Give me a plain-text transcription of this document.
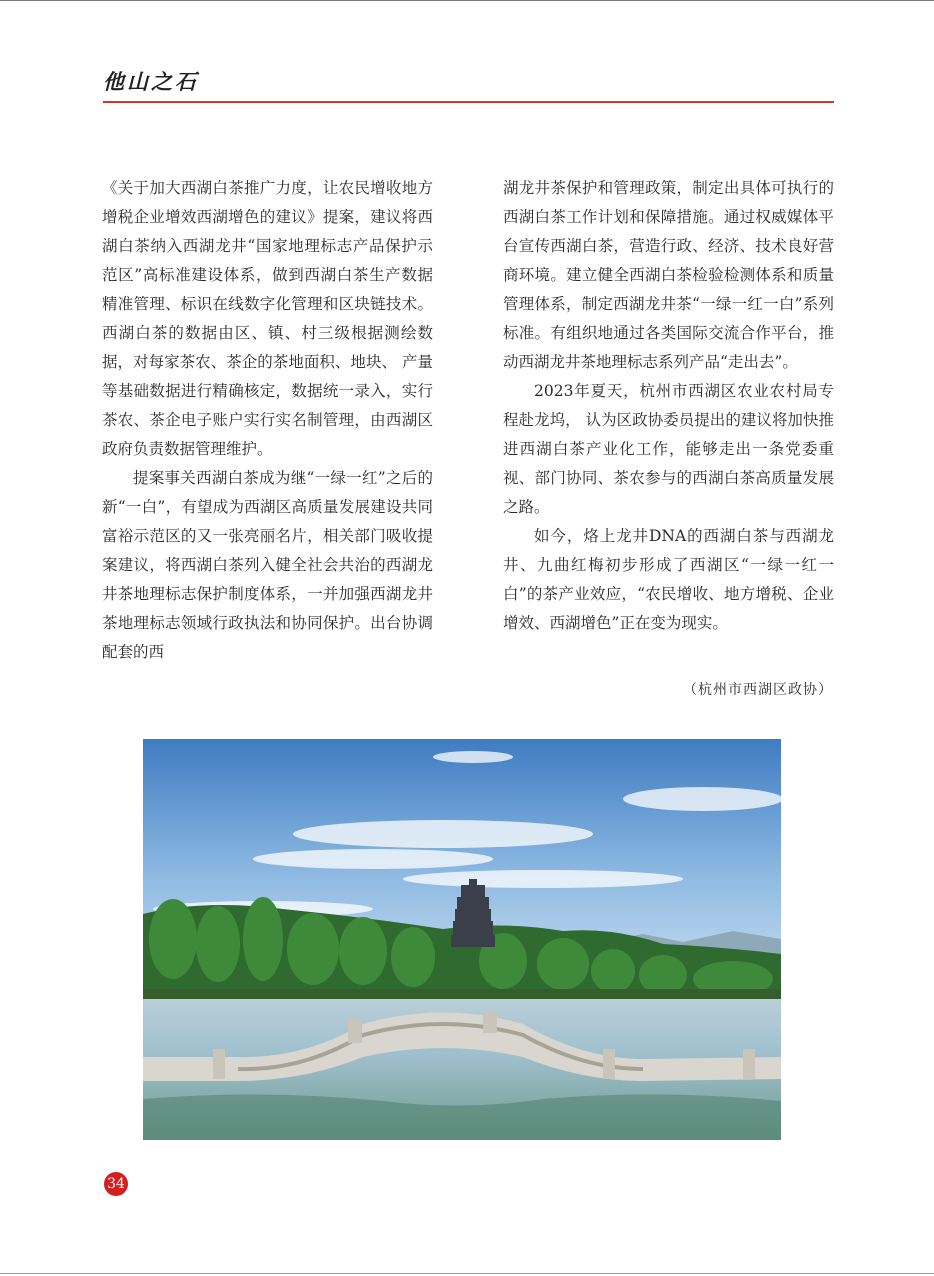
他山之石

《关于加大西湖白茶推广力度，让农民增收地方增税企业增效西湖增色的建议》提案，建议将西湖白茶纳入西湖龙井“国家地理标志产品保护示范区”高标准建设体系，做到西湖白茶生产数据精准管理、标识在线数字化管理和区块链技术。西湖白茶的数据由区、镇、村三级根据测绘数据，对每家茶农、茶企的茶地面积、地块、 产量等基础数据进行精确核定，数据统一录入，实行茶农、茶企电子账户实行实名制管理，由西湖区政府负责数据管理维护。

提案事关西湖白茶成为继“一绿一红”之后的新“一白”，有望成为西湖区高质量发展建设共同富裕示范区的又一张亮丽名片，相关部门吸收提案建议，将西湖白茶列入健全社会共治的西湖龙井茶地理标志保护制度体系，一并加强西湖龙井茶地理标志领域行政执法和协同保护。出台协调配套的西

湖龙井茶保护和管理政策，制定出具体可执行的西湖白茶工作计划和保障措施。通过权威媒体平台宣传西湖白茶，营造行政、经济、技术良好营商环境。建立健全西湖白茶检验检测体系和质量管理体系，制定西湖龙井茶“一绿一红一白”系列标准。有组织地通过各类国际交流合作平台，推动西湖龙井茶地理标志系列产品“走出去”。

2023年夏天，杭州市西湖区农业农村局专程赴龙坞， 认为区政协委员提出的建议将加快推进西湖白茶产业化工作，能够走出一条党委重视、部门协同、茶农参与的西湖白茶高质量发展之路。

如今，烙上龙井DNA的西湖白茶与西湖龙井、九曲红梅初步形成了西湖区“一绿一红一白”的茶产业效应，“农民增收、地方增税、企业增效、西湖增色”正在变为现实。

（杭州市西湖区政协）
34
